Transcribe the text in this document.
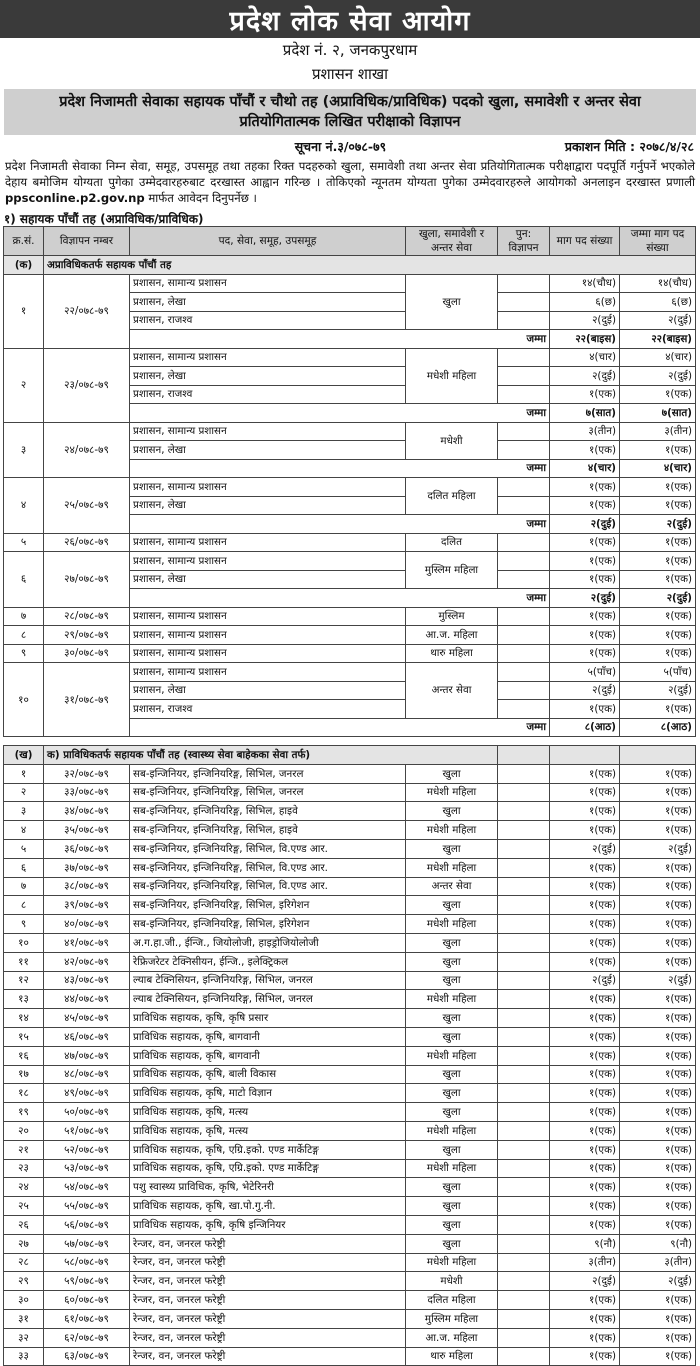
प्रदेश लोक सेवा आयोग
प्रदेश नं. २, जनकपुरधाम
प्रशासन शाखा
प्रदेश निजामती सेवाका सहायक पाँचौं र चौथो तह (अप्राविधिक/प्राविधिक) पदको खुला, समावेशी र अन्तर सेवा
प्रतियोगितात्मक लिखित परीक्षाको विज्ञापन
सूचना नं.३/०७८-७९	प्रकाशन मिति : २०७८/४/२८
प्रदेश निजामती सेवाका निम्न सेवा, समूह, उपसमूह तथा तहका रिक्त पदहरुको खुला, समावेशी तथा अन्तर सेवा प्रतियोगितात्मक परीक्षाद्वारा पदपूर्ति गर्नुपर्ने भएकोले देहाय बमोजिम योग्यता पुगेका उम्मेदवारहरुबाट दरखास्त आह्वान गरिन्छ । तोकिएको न्यूनतम योग्यता पुगेका उम्मेदवारहरुले आयोगको अनलाइन दरखास्त प्रणाली ppsconline.p2.gov.np मार्फत आवेदन दिनुपर्नेछ ।
१) सहायक पाँचौं तह (अप्राविधिक/प्राविधिक)
क्र.सं.	विज्ञापन नम्बर	पद, सेवा, समूह, उपसमूह	खुला, समावेशी र अन्तर सेवा	पुन: विज्ञापन	माग पद संख्या	जम्मा माग पद संख्या
(क)	अप्राविधिकतर्फ सहायक पाँचौं तह					
१	२२/०७८-७९	प्रशासन, सामान्य प्रशासन	खुला		१४(चौध)	१४(चौध)
		प्रशासन, लेखा			६(छ)	६(छ)
		प्रशासन, राजश्व			२(दुई)	२(दुई)
		जम्मा			२२(बाइस)	२२(बाइस)
२	२३/०७८-७९	प्रशासन, सामान्य प्रशासन	मधेशी महिला		४(चार)	४(चार)
		प्रशासन, लेखा			२(दुई)	२(दुई)
		प्रशासन, राजश्व			१(एक)	१(एक)
		जम्मा			७(सात)	७(सात)
३	२४/०७८-७९	प्रशासन, सामान्य प्रशासन	मधेशी		३(तीन)	३(तीन)
		प्रशासन, लेखा			१(एक)	१(एक)
		जम्मा			४(चार)	४(चार)
४	२५/०७८-७९	प्रशासन, सामान्य प्रशासन	दलित महिला		१(एक)	१(एक)
		प्रशासन, लेखा			१(एक)	१(एक)
		जम्मा			२(दुई)	२(दुई)
५	२६/०७८-७९	प्रशासन, सामान्य प्रशासन	दलित		१(एक)	१(एक)
६	२७/०७८-७९	प्रशासन, सामान्य प्रशासन	मुस्लिम महिला		१(एक)	१(एक)
		प्रशासन, लेखा			१(एक)	१(एक)
		जम्मा			२(दुई)	२(दुई)
७	२८/०७८-७९	प्रशासन, सामान्य प्रशासन	मुस्लिम		१(एक)	१(एक)
८	२९/०७८-७९	प्रशासन, सामान्य प्रशासन	आ.ज. महिला		१(एक)	१(एक)
९	३०/०७८-७९	प्रशासन, सामान्य प्रशासन	थारु महिला		१(एक)	१(एक)
१०	३१/०७८-७९	प्रशासन, सामान्य प्रशासन	अन्तर सेवा		५(पाँच)	५(पाँच)
		प्रशासन, लेखा			२(दुई)	२(दुई)
		प्रशासन, राजश्व			१(एक)	१(एक)
		जम्मा			८(आठ)	८(आठ)
(ख)	क) प्राविधिकतर्फ सहायक पाँचौं तह (स्वास्थ्य सेवा बाहेकका सेवा तर्फ)					
१	३२/०७८-७९	सब-इन्जिनियर, इन्जिनियरिङ्ग, सिभिल, जनरल	खुला		१(एक)	१(एक)
२	३३/०७८-७९	सब-इन्जिनियर, इन्जिनियरिङ्ग, सिभिल, जनरल	मधेशी महिला		१(एक)	१(एक)
३	३४/०७८-७९	सब-इन्जिनियर, इन्जिनियरिङ्ग, सिभिल, हाइवे	खुला		१(एक)	१(एक)
४	३५/०७८-७९	सब-इन्जिनियर, इन्जिनियरिङ्ग, सिभिल, हाइवे	मधेशी महिला		१(एक)	१(एक)
५	३६/०७८-७९	सब-इन्जिनियर, इन्जिनियरिङ्ग, सिभिल, वि.एण्ड आर.	खुला		२(दुई)	२(दुई)
६	३७/०७८-७९	सब-इन्जिनियर, इन्जिनियरिङ्ग, सिभिल, वि.एण्ड आर.	मधेशी महिला		१(एक)	१(एक)
७	३८/०७८-७९	सब-इन्जिनियर, इन्जिनियरिङ्ग, सिभिल, वि.एण्ड आर.	अन्तर सेवा		१(एक)	१(एक)
८	३९/०७८-७९	सब-इन्जिनियर, इन्जिनियरिङ्ग, सिभिल, इरिगेशन	खुला		१(एक)	१(एक)
९	४०/०७८-७९	सब-इन्जिनियर, इन्जिनियरिङ्ग, सिभिल, इरिगेशन	मधेशी महिला		१(एक)	१(एक)
१०	४१/०७८-७९	अ.ग.हा.जी., ईन्जि., जियोलोजी, हाइड्रोजियोलोजी	खुला		१(एक)	१(एक)
११	४२/०७८-७९	रेफ्रिजरेटर टेक्निसीयन, ईन्जि., इलेक्ट्रिकल	खुला		१(एक)	१(एक)
१२	४३/०७८-७९	ल्याब टेक्निसियन, इन्जिनियरिङ्ग, सिभिल, जनरल	खुला		२(दुई)	२(दुई)
१३	४४/०७८-७९	ल्याब टेक्निसियन, इन्जिनियरिङ्ग, सिभिल, जनरल	मधेशी महिला		१(एक)	१(एक)
१४	४५/०७८-७९	प्राविधिक सहायक, कृषि, कृषि प्रसार	खुला		१(एक)	१(एक)
१५	४६/०७८-७९	प्राविधिक सहायक, कृषि, बागवानी	खुला		१(एक)	१(एक)
१६	४७/०७८-७९	प्राविधिक सहायक, कृषि, बागवानी	मधेशी महिला		१(एक)	१(एक)
१७	४८/०७८-७९	प्राविधिक सहायक, कृषि, बाली विकास	खुला		१(एक)	१(एक)
१८	४९/०७८-७९	प्राविधिक सहायक, कृषि, माटो विज्ञान	खुला		१(एक)	१(एक)
१९	५०/०७८-७९	प्राविधिक सहायक, कृषि, मत्स्य	खुला		१(एक)	१(एक)
२०	५१/०७८-७९	प्राविधिक सहायक, कृषि, मत्स्य	मधेशी महिला		१(एक)	१(एक)
२१	५२/०७८-७९	प्राविधिक सहायक, कृषि, एग्रि.इको. एण्ड मार्केटिङ्ग	खुला		१(एक)	१(एक)
२३	५३/०७८-७९	प्राविधिक सहायक, कृषि, एग्रि.इको. एण्ड मार्केटिङ्ग	मधेशी महिला		१(एक)	१(एक)
२४	५४/०७८-७९	पशु स्वास्थ्य प्राविधिक, कृषि, भेटेरिनरी	खुला		१(एक)	१(एक)
२५	५५/०७८-७९	प्राविधिक सहायक, कृषि, खा.पो.गु.नी.	खुला		१(एक)	१(एक)
२६	५६/०७८-७९	प्राविधिक सहायक, कृषि, कृषि इन्जिनियर	खुला		१(एक)	१(एक)
२७	५७/०७८-७९	रेन्जर, वन, जनरल फरेष्ट्री	खुला		९(नौ)	९(नौ)
२८	५८/०७८-७९	रेन्जर, वन, जनरल फरेष्ट्री	मधेशी महिला		३(तीन)	३(तीन)
२९	५९/०७८-७९	रेन्जर, वन, जनरल फरेष्ट्री	मधेशी		२(दुई)	२(दुई)
३०	६०/०७८-७९	रेन्जर, वन, जनरल फरेष्ट्री	दलित महिला		१(एक)	१(एक)
३१	६१/०७८-७९	रेन्जर, वन, जनरल फरेष्ट्री	मुस्लिम महिला		१(एक)	१(एक)
३२	६२/०७८-७९	रेन्जर, वन, जनरल फरेष्ट्री	आ.ज. महिला		१(एक)	१(एक)
३३	६३/०७८-७९	रेन्जर, वन, जनरल फरेष्ट्री	थारु महिला		१(एक)	१(एक)
